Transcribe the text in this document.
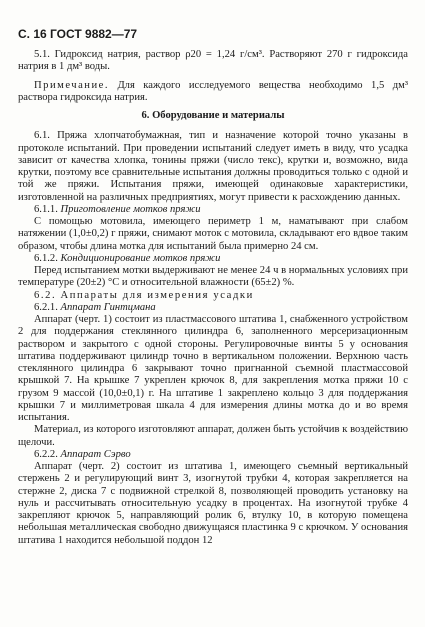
С. 16 ГОСТ 9882—77

5.1. Гидроксид натрия, раствор ρ20 = 1,24 г/см³. Растворяют 270 г гидроксида натрия в 1 дм³ воды.

Примечание. Для каждого исследуемого вещества необходимо 1,5 дм³ раствора гидроксида натрия.

6. Оборудование и материалы

6.1. Пряжа хлопчатобумажная, тип и назначение которой точно указаны в протоколе испытаний. При проведении испытаний следует иметь в виду, что усадка зависит от качества хлопка, тонины пряжи (число текс), крутки и, возможно, вида крутки, поэтому все сравнительные испытания должны проводиться только с одной и той же пряжи. Испытания пряжи, имеющей одинаковые характеристики, изготовленной на различных предприятиях, могут привести к расхождению данных.

6.1.1. Приготовление мотков пряжи

С помощью мотовила, имеющего периметр 1 м, наматывают при слабом натяжении (1,0±0,2) г пряжи, снимают моток с мотовила, складывают его вдвое таким образом, чтобы длина мотка для испытаний была примерно 24 см.

6.1.2. Кондиционирование мотков пряжи

Перед испытанием мотки выдерживают не менее 24 ч в нормальных условиях при температуре (20±2) °С и относительной влажности (65±2) %.

6.2. Аппараты для измерения усадки

6.2.1. Аппарат Гинтцмана

Аппарат (черт. 1) состоит из пластмассового штатива 1, снабженного устройством 2 для поддержания стеклянного цилиндра 6, заполненного мерсеризационным раствором и закрытого с одной стороны. Регулировочные винты 5 у основания штатива поддерживают цилиндр точно в вертикальном положении. Верхнюю часть стеклянного цилиндра 6 закрывают точно пригнанной съемной пластмассовой крышкой 7. На крышке 7 укреплен крючок 8, для закрепления мотка пряжи 10 с грузом 9 массой (10,0±0,1) г. На штативе 1 закреплено кольцо 3 для поддержания крышки 7 и миллиметровая шкала 4 для измерения длины мотка до и во время испытания.

Материал, из которого изготовляют аппарат, должен быть устойчив к воздействию щелочи.

6.2.2. Аппарат Сэрво

Аппарат (черт. 2) состоит из штатива 1, имеющего съемный вертикальный стержень 2 и регулирующий винт 3, изогнутой трубки 4, которая закрепляется на стержне 2, диска 7 с подвижной стрелкой 8, позволяющей проводить установку на нуль и рассчитывать относительную усадку в процентах. На изогнутой трубке 4 закрепляют крючок 5, направляющий ролик 6, втулку 10, в которую помещена небольшая металлическая свободно движущаяся пластинка 9 с крючком. У основания штатива 1 находится небольшой поддон 12
